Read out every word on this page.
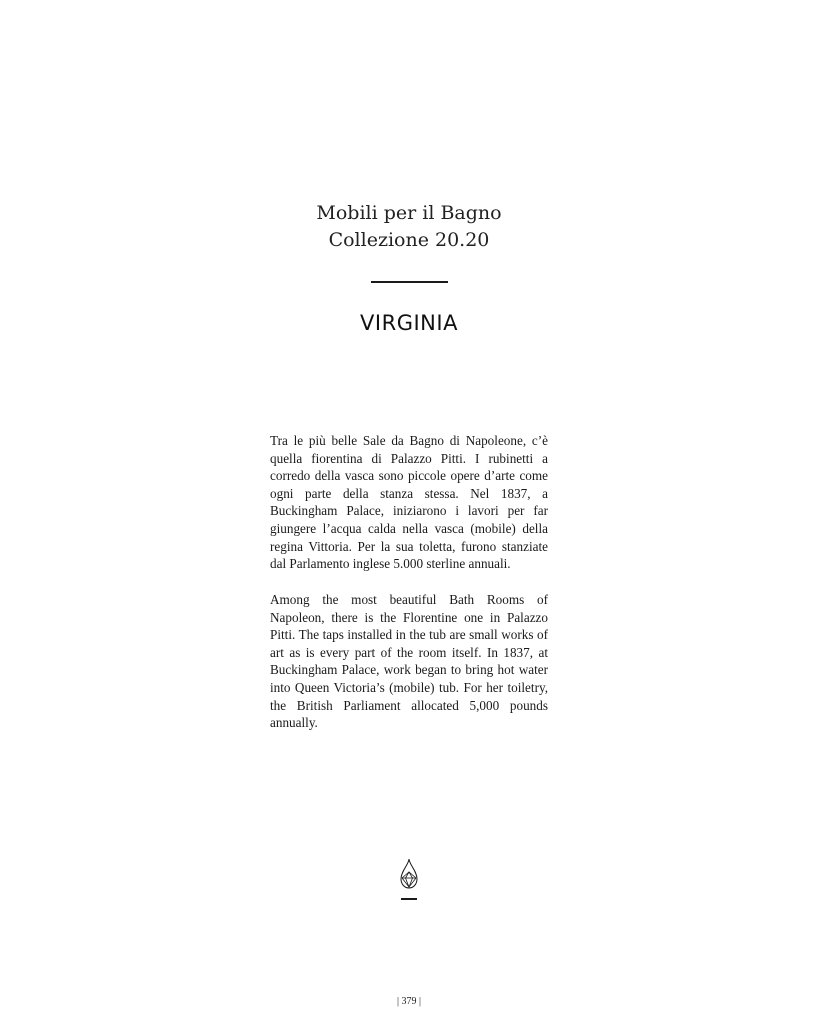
Mobili per il Bagno
Collezione 20.20
VIRGINIA

Tra le più belle Sale da Bagno di Napoleone, c’è quella fiorentina di Palazzo Pitti. I rubinetti a corredo della vasca sono piccole opere d’arte come ogni parte della stanza stessa. Nel 1837, a Buckingham Palace, iniziarono i lavori per far giungere l’acqua calda nella vasca (mobile) della regina Vittoria. Per la sua toletta, furono stanziate dal Parlamento inglese 5.000 sterline annuali.

Among the most beautiful Bath Rooms of Napoleon, there is the Florentine one in Palazzo Pitti. The taps installed in the tub are small works of art as is every part of the room itself. In 1837, at Buckingham Palace, work began to bring hot water into Queen Victoria’s (mobile) tub. For her toiletry, the British Parliament allocated 5,000 pounds annually.

| 379 |
